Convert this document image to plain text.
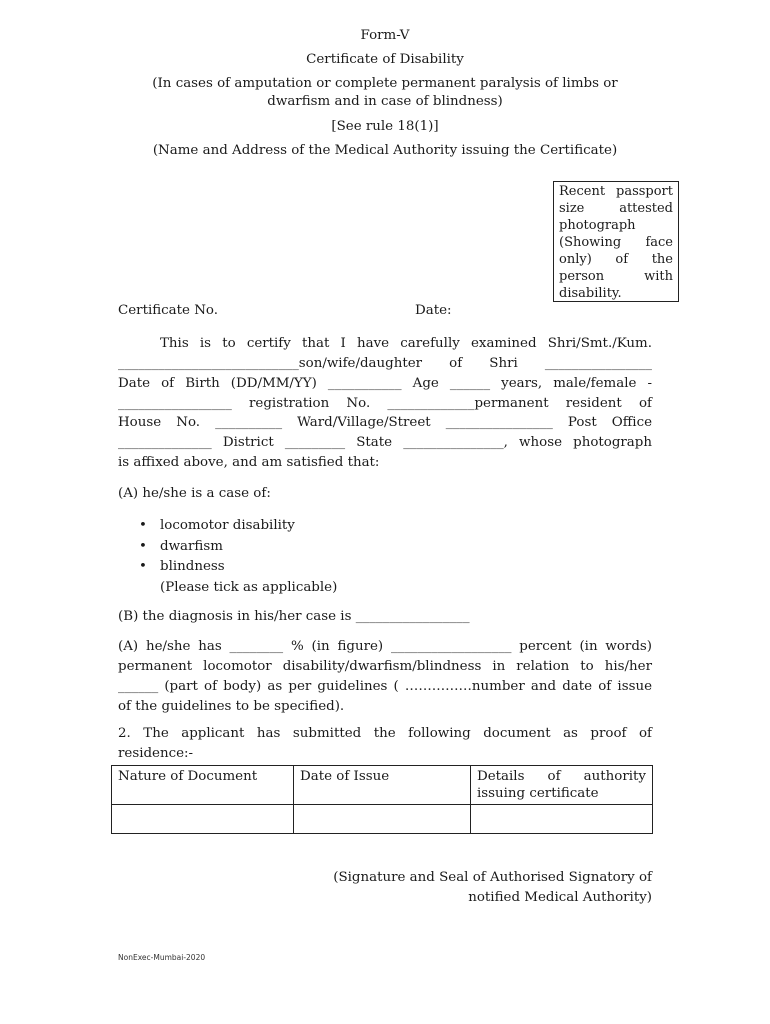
Form-V
Certificate of Disability
(In cases of amputation or complete permanent paralysis of limbs or
dwarfism and in case of blindness)
[See rule 18(1)]
(Name and Address of the Medical Authority issuing the Certificate)
Recent passport size attested photograph (Showing face only) of the person with disability.
Certificate No.	Date:
This is to certify that I have carefully examined Shri/Smt./Kum.
___________________________son/wife/daughter of Shri ________________
Date of Birth (DD/MM/YY) ___________ Age ______ years, male/female -
_________________ registration No. _____________permanent resident of
House No. __________ Ward/Village/Street ________________ Post Office
______________ District _________ State _______________, whose photograph
is affixed above, and am satisfied that:
(A) he/she is a case of:
• locomotor disability
• dwarfism
• blindness
(Please tick as applicable)
(B) the diagnosis in his/her case is _________________
(A) he/she has ________ % (in figure) __________________ percent (in words)
permanent locomotor disability/dwarfism/blindness in relation to his/her
______ (part of body) as per guidelines ( ……………number and date of issue
of the guidelines to be specified).
2. The applicant has submitted the following document as proof of
residence:-
Nature of Document	Date of Issue	Details of authority issuing certificate

(Signature and Seal of Authorised Signatory of
notified Medical Authority)
NonExec-Mumbai-2020
